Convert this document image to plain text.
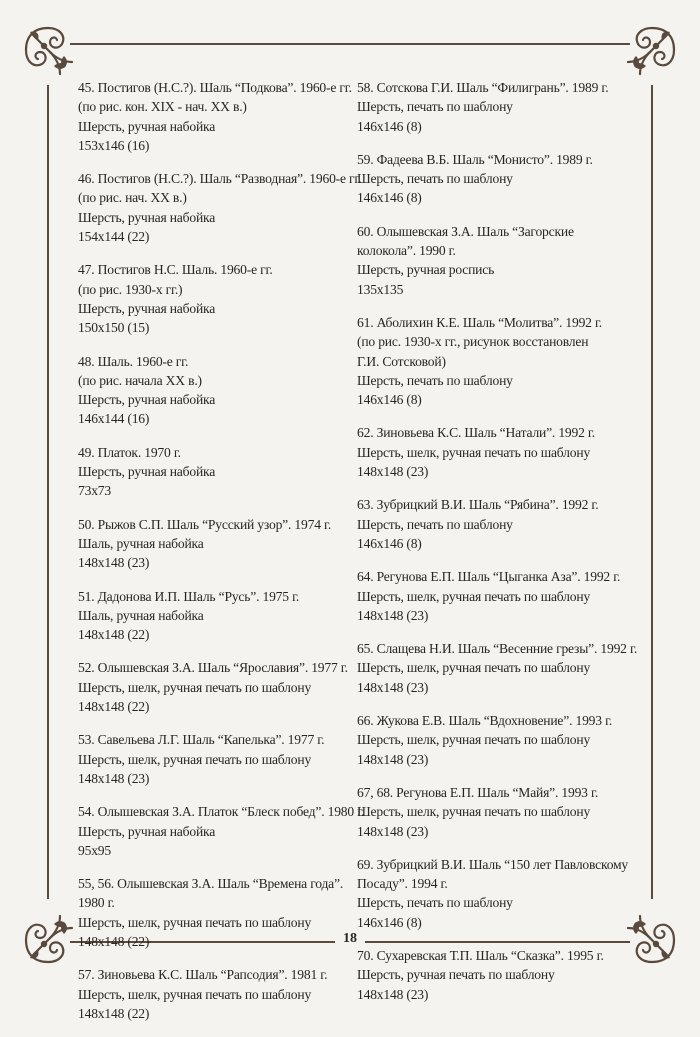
45. Постигов (Н.С.?). Шаль “Подкова”. 1960-е гг.
(по рис. кон. XIX - нач. XX в.)
Шерсть, ручная набойка
153x146 (16)
46. Постигов (Н.С.?). Шаль “Разводная”. 1960-е гг.
(по рис. нач. XX в.)
Шерсть, ручная набойка
154x144 (22)
47. Постигов Н.С. Шаль. 1960-е гг.
(по рис. 1930-х гг.)
Шерсть, ручная набойка
150x150 (15)
48. Шаль. 1960-е гг.
(по рис. начала XX в.)
Шерсть, ручная набойка
146x144 (16)
49. Платок. 1970 г.
Шерсть, ручная набойка
73x73
50. Рыжов С.П. Шаль “Русский узор”. 1974 г.
Шаль, ручная набойка
148x148 (23)
51. Дадонова И.П. Шаль “Русь”. 1975 г.
Шаль, ручная набойка
148x148 (22)
52. Олышевская З.А. Шаль “Ярославия”. 1977 г.
Шерсть, шелк, ручная печать по шаблону
148x148 (22)
53. Савельева Л.Г. Шаль “Капелька”. 1977 г.
Шерсть, шелк, ручная печать по шаблону
148x148 (23)
54. Олышевская З.А. Платок “Блеск побед”. 1980 г.
Шерсть, ручная набойка
95x95
55, 56. Олышевская З.А. Шаль “Времена года”.
1980 г.
Шерсть, шелк, ручная печать по шаблону
148x148 (22)
57. Зиновьева К.С. Шаль “Рапсодия”. 1981 г.
Шерсть, шелк, ручная печать по шаблону
148x148 (22)
58. Сотскова Г.И. Шаль “Филигрань”. 1989 г.
Шерсть, печать по шаблону
146x146 (8)
59. Фадеева В.Б. Шаль “Монисто”. 1989 г.
Шерсть, печать по шаблону
146x146 (8)
60. Олышевская З.А. Шаль “Загорские
колокола”. 1990 г.
Шерсть, ручная роспись
135x135
61. Аболихин К.Е. Шаль “Молитва”. 1992 г.
(по рис. 1930-х гг., рисунок восстановлен
Г.И. Сотсковой)
Шерсть, печать по шаблону
146x146 (8)
62. Зиновьева К.С. Шаль “Натали”. 1992 г.
Шерсть, шелк, ручная печать по шаблону
148x148 (23)
63. Зубрицкий В.И. Шаль “Рябина”. 1992 г.
Шерсть, печать по шаблону
146x146 (8)
64. Регунова Е.П. Шаль “Цыганка Аза”. 1992 г.
Шерсть, шелк, ручная печать по шаблону
148x148 (23)
65. Слащева Н.И. Шаль “Весенние грезы”. 1992 г.
Шерсть, шелк, ручная печать по шаблону
148x148 (23)
66. Жукова Е.В. Шаль “Вдохновение”. 1993 г.
Шерсть, шелк, ручная печать по шаблону
148x148 (23)
67, 68. Регунова Е.П. Шаль “Майя”. 1993 г.
Шерсть, шелк, ручная печать по шаблону
148x148 (23)
69. Зубрицкий В.И. Шаль “150 лет Павловскому
Посаду”. 1994 г.
Шерсть, печать по шаблону
146x146 (8)
70. Сухаревская Т.П. Шаль “Сказка”. 1995 г.
Шерсть, ручная печать по шаблону
148x148 (23)
18
